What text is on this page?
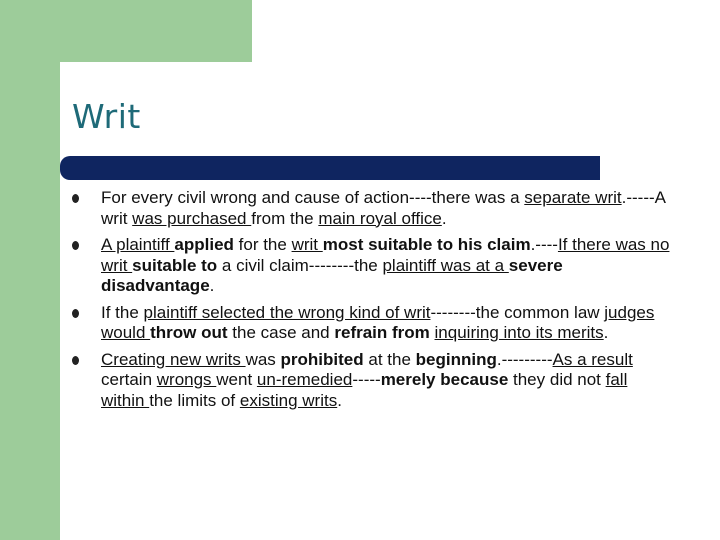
Writ
For every civil wrong and cause of action----there was a separate writ.-----A writ was purchased from the main royal office.
A plaintiff applied for the writ most suitable to his claim.----If there was no writ suitable to a civil claim--------the plaintiff was at a severe disadvantage.
If the plaintiff selected the wrong kind of writ--------the common law judges would throw out the case and refrain from inquiring into its merits.
Creating new writs was prohibited at the beginning.---------As a result certain wrongs went un-remedied-----merely because they did not fall within the limits of existing writs.
